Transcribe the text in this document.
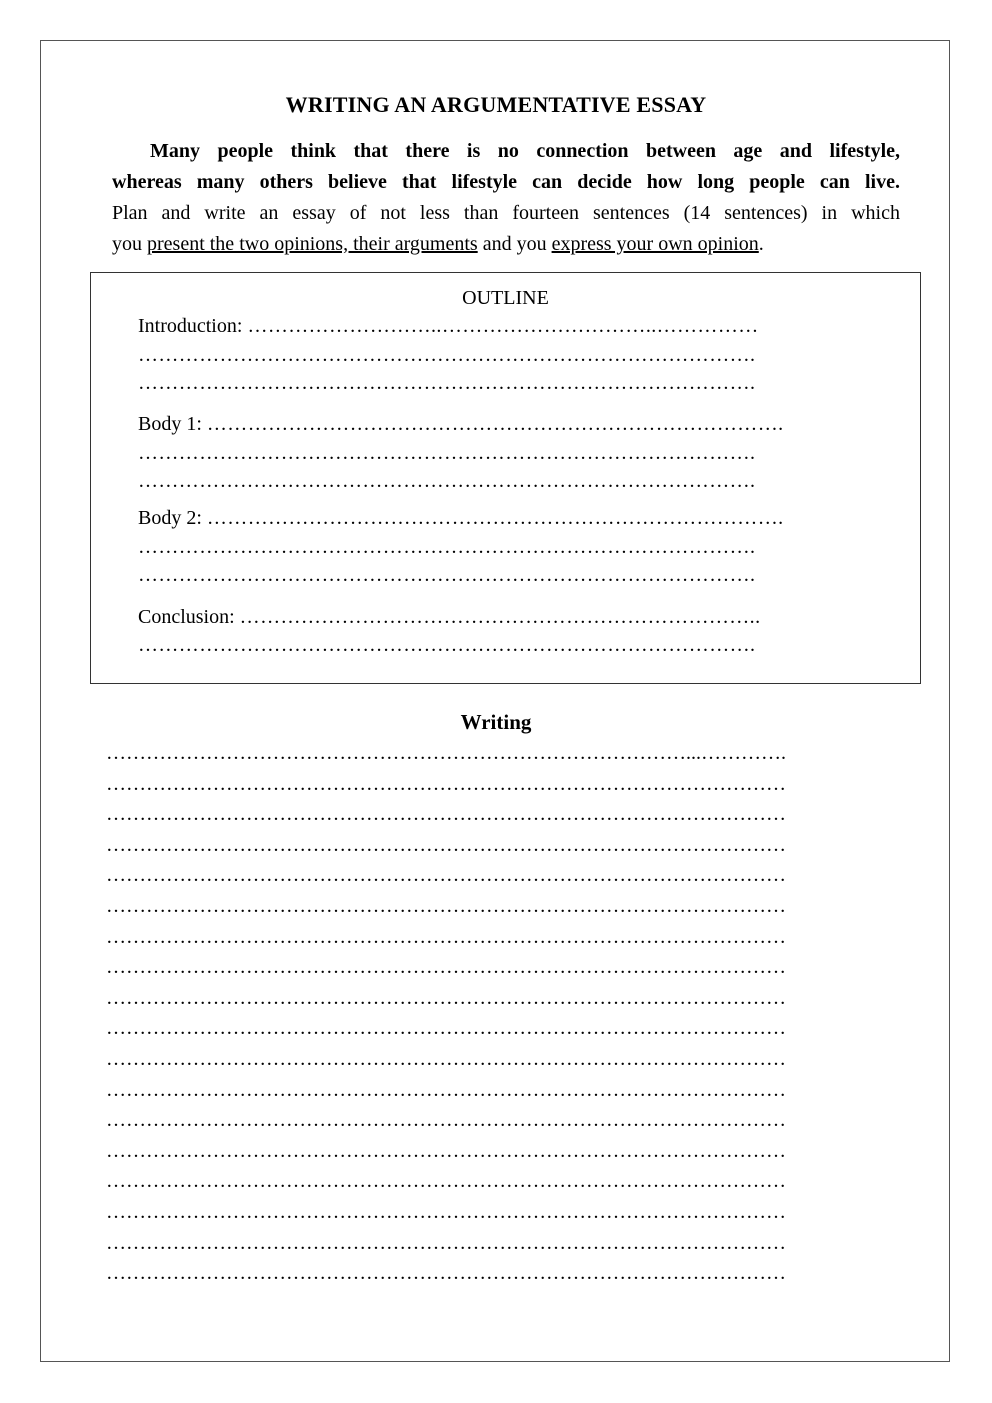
WRITING AN ARGUMENTATIVE ESSAY
Many people think that there is no connection between age and lifestyle,
whereas many others believe that lifestyle can decide how long people can live.
Plan and write an essay of not less than fourteen sentences (14 sentences) in which
you present the two opinions, their arguments and you express your own opinion.
OUTLINE
Introduction: ………………………..…………………………..……………
……………………………………………………………………………….
……………………………………………………………………………….
Body 1: ………………………………………………………………………….
……………………………………………………………………………….
……………………………………………………………………………….
Body 2: ………………………………………………………………………….
……………………………………………………………………………….
……………………………………………………………………………….
Conclusion: …………………………………………………………………..
……………………………………………………………………………….
Writing
……………………………………………………………………………...………….
…………………………………………………………………………………………
…………………………………………………………………………………………
…………………………………………………………………………………………
…………………………………………………………………………………………
…………………………………………………………………………………………
…………………………………………………………………………………………
…………………………………………………………………………………………
…………………………………………………………………………………………
…………………………………………………………………………………………
…………………………………………………………………………………………
…………………………………………………………………………………………
…………………………………………………………………………………………
…………………………………………………………………………………………
…………………………………………………………………………………………
…………………………………………………………………………………………
…………………………………………………………………………………………
…………………………………………………………………………………………
